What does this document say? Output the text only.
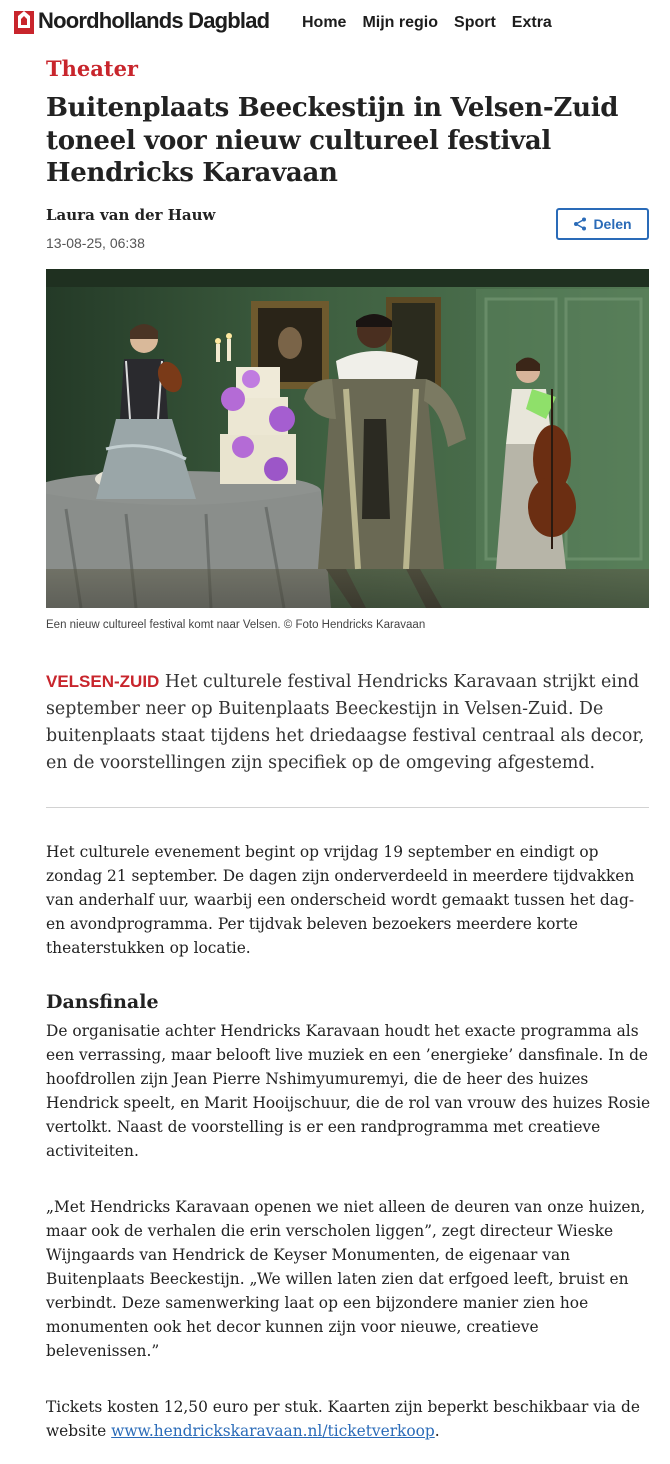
Noordhollands Dagblad Home Mijn regio Sport Extra
Theater
Buitenplaats Beeckestijn in Velsen-Zuid toneel voor nieuw cultureel festival Hendricks Karavaan
Laura van der Hauw
13-08-25, 06:38
Delen
Een nieuw cultureel festival komt naar Velsen. © Foto Hendricks Karavaan

VELSEN-ZUID Het culturele festival Hendricks Karavaan strijkt eind september neer op Buitenplaats Beeckestijn in Velsen-Zuid. De buitenplaats staat tijdens het driedaagse festival centraal als decor, en de voorstellingen zijn specifiek op de omgeving afgestemd.

Het culturele evenement begint op vrijdag 19 september en eindigt op zondag 21 september. De dagen zijn onderverdeeld in meerdere tijdvakken van anderhalf uur, waarbij een onderscheid wordt gemaakt tussen het dag- en avondprogramma. Per tijdvak beleven bezoekers meerdere korte theaterstukken op locatie.

Dansfinale

De organisatie achter Hendricks Karavaan houdt het exacte programma als een verrassing, maar belooft live muziek en een ’energieke’ dansfinale. In de hoofdrollen zijn Jean Pierre Nshimyumuremyi, die de heer des huizes Hendrick speelt, en Marit Hooijschuur, die de rol van vrouw des huizes Rosie vertolkt. Naast de voorstelling is er een randprogramma met creatieve activiteiten.

„Met Hendricks Karavaan openen we niet alleen de deuren van onze huizen, maar ook de verhalen die erin verscholen liggen”, zegt directeur Wieske Wijngaards van Hendrick de Keyser Monumenten, de eigenaar van Buitenplaats Beeckestijn. „We willen laten zien dat erfgoed leeft, bruist en verbindt. Deze samenwerking laat op een bijzondere manier zien hoe monumenten ook het decor kunnen zijn voor nieuwe, creatieve belevenissen.”

Tickets kosten 12,50 euro per stuk. Kaarten zijn beperkt beschikbaar via de website www.hendrickskaravaan.nl/ticketverkoop.
